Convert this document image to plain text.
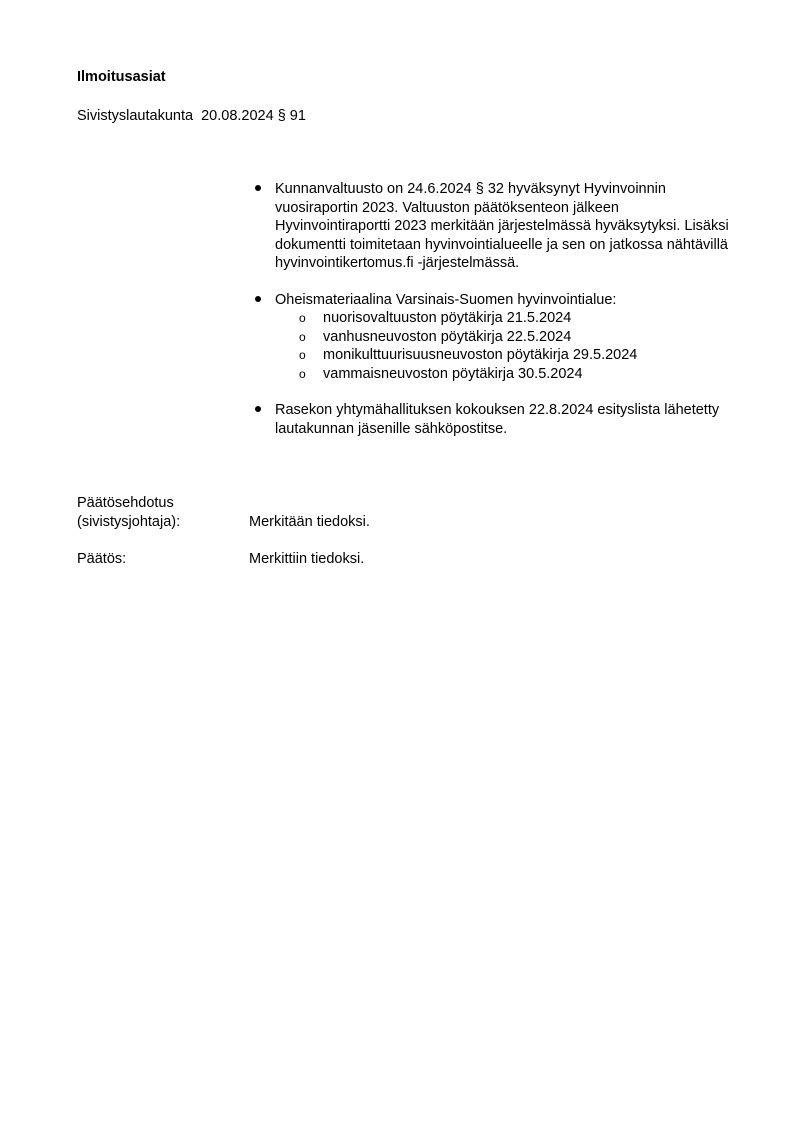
Ilmoitusasiat
Sivistyslautakunta  20.08.2024 § 91
Kunnanvaltuusto on 24.6.2024 § 32 hyväksynyt Hyvinvoinnin vuosiraportin 2023. Valtuuston päätöksenteon jälkeen Hyvinvointiraportti 2023 merkitään järjestelmässä hyväksytyksi. Lisäksi dokumentti toimitetaan hyvinvointialueelle ja sen on jatkossa nähtävillä hyvinvointikertomus.fi -järjestelmässä.
Oheismateriaalina Varsinais-Suomen hyvinvointialue:
o nuorisovaltuuston pöytäkirja 21.5.2024
o vanhusneuvoston pöytäkirja 22.5.2024
o monikulttuurisuusneuvoston pöytäkirja 29.5.2024
o vammaisneuvoston pöytäkirja 30.5.2024
Rasekon yhtymähallituksen kokouksen 22.8.2024 esityslista lähetetty lautakunnan jäsenille sähköpostitse.
Päätösehdotus
(sivistysjohtaja):	Merkitään tiedoksi.
Päätös:	Merkittiin tiedoksi.
